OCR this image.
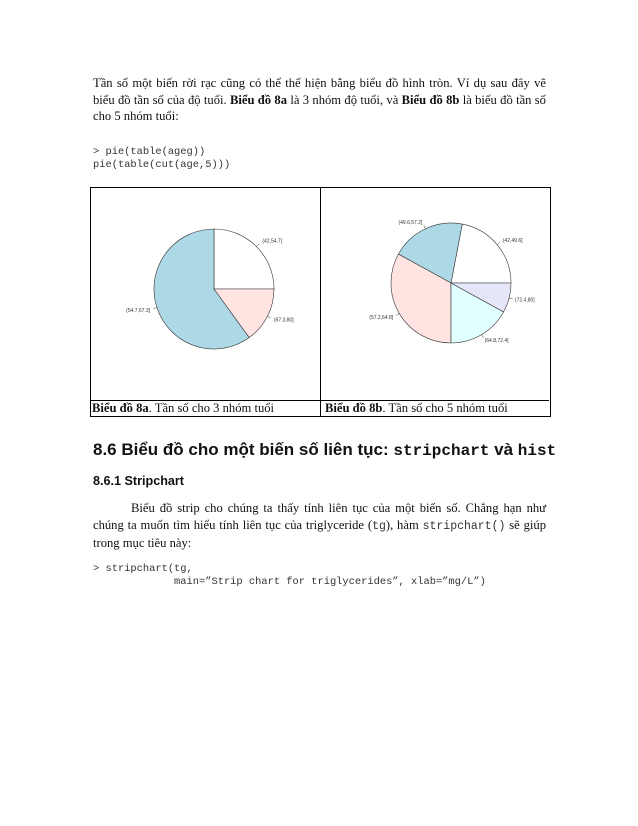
Tần số một biến rời rạc cũng có thể thể hiện bằng biểu đồ hình tròn. Ví dụ sau đây vẽ biểu đồ tần số của độ tuổi. Biểu đồ 8a là 3 nhóm độ tuổi, và Biểu đồ 8b là biểu đồ tần số cho 5 nhóm tuổi:
> pie(table(ageg))
pie(table(cut(age,5)))
(42,54.7]
(54.7,67.3]
(67.3,80]
(42,49.6]
(49.6,57.2]
(57.2,64.8]
(64.8,72.4]
(72.4,80]
Biểu đồ 8a. Tần số cho 3 nhóm tuổi	Biểu đồ 8b. Tần số cho 5 nhóm tuổi
8.6 Biểu đồ cho một biến số liên tục: stripchart và hist
8.6.1 Stripchart
Biểu đồ strip cho chúng ta thấy tính liên tục của một biến số. Chẳng hạn như chúng ta muốn tìm hiểu tính liên tục của triglyceride (tg), hàm stripchart() sẽ giúp trong mục tiêu này:
> stripchart(tg,
main=”Strip chart for triglycerides”, xlab=”mg/L”)
